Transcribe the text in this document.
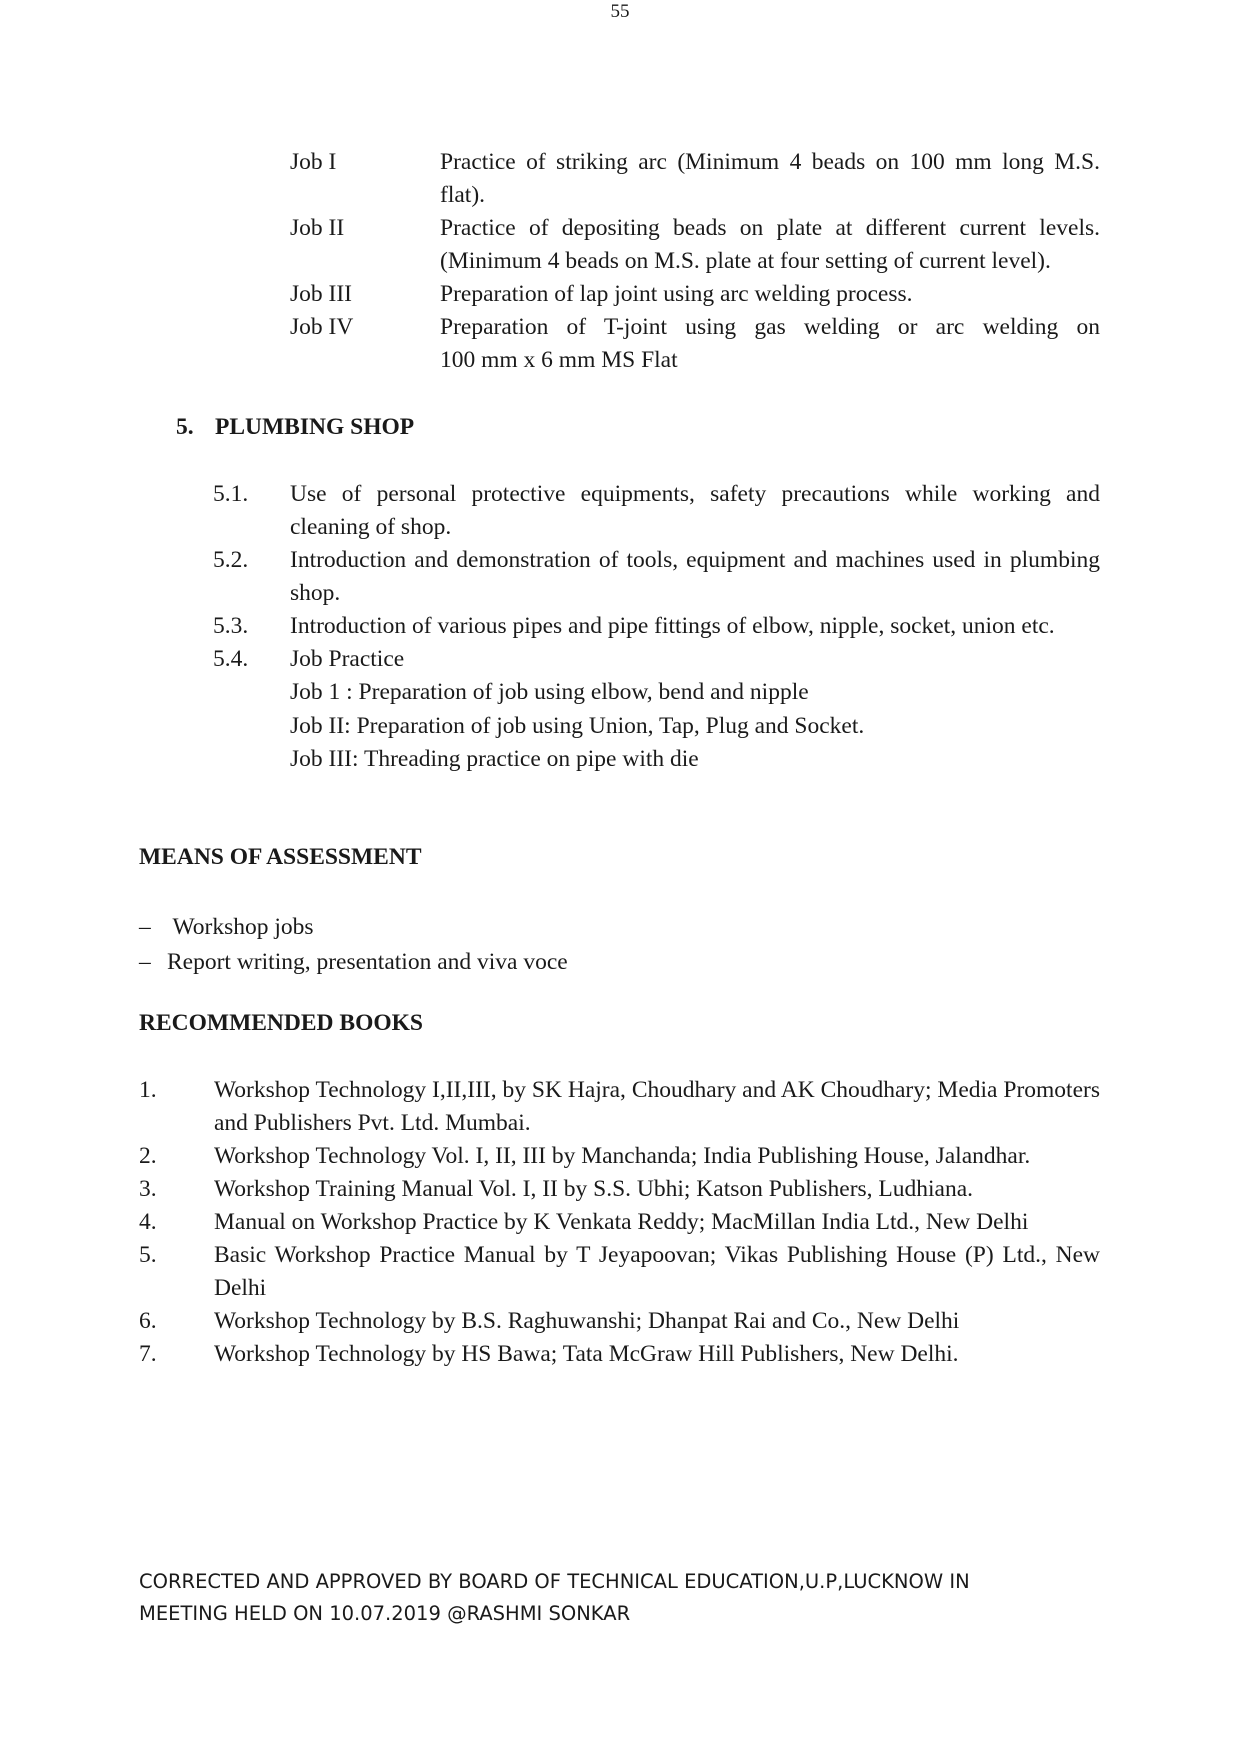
55
Job I	Practice of striking arc (Minimum 4 beads on 100 mm long M.S.
flat).
Job II	Practice of depositing beads on plate at different current levels.
(Minimum 4 beads on M.S. plate at four setting of current level).
Job III	Preparation of lap joint using arc welding process.
Job IV	Preparation of T-joint using gas welding or arc welding on
100 mm x 6 mm MS Flat
5. PLUMBING SHOP
5.1.	Use of personal protective equipments, safety precautions while working and cleaning of shop.
5.2.	Introduction and demonstration of tools, equipment and machines used in plumbing shop.
5.3.	Introduction of various pipes and pipe fittings of elbow, nipple, socket, union etc.
5.4.	Job Practice
Job 1 : Preparation of job using elbow, bend and nipple
Job II: Preparation of job using Union, Tap, Plug and Socket.
Job III: Threading practice on pipe with die
MEANS OF ASSESSMENT
– Workshop jobs
– Report writing, presentation and viva voce
RECOMMENDED BOOKS
1.	Workshop Technology I,II,III, by SK Hajra, Choudhary and AK Choudhary; Media Promoters and Publishers Pvt. Ltd. Mumbai.
2.	Workshop Technology Vol. I, II, III by Manchanda; India Publishing House, Jalandhar.
3.	Workshop Training Manual Vol. I, II by S.S. Ubhi; Katson Publishers, Ludhiana.
4.	Manual on Workshop Practice by K Venkata Reddy; MacMillan India Ltd., New Delhi
5.	Basic Workshop Practice Manual by T Jeyapoovan; Vikas Publishing House (P) Ltd., New Delhi
6.	Workshop Technology by B.S. Raghuwanshi; Dhanpat Rai and Co., New Delhi
7.	Workshop Technology by HS Bawa; Tata McGraw Hill Publishers, New Delhi.
CORRECTED AND APPROVED BY BOARD OF TECHNICAL EDUCATION,U.P,LUCKNOW IN
MEETING HELD ON 10.07.2019 @RASHMI SONKAR
